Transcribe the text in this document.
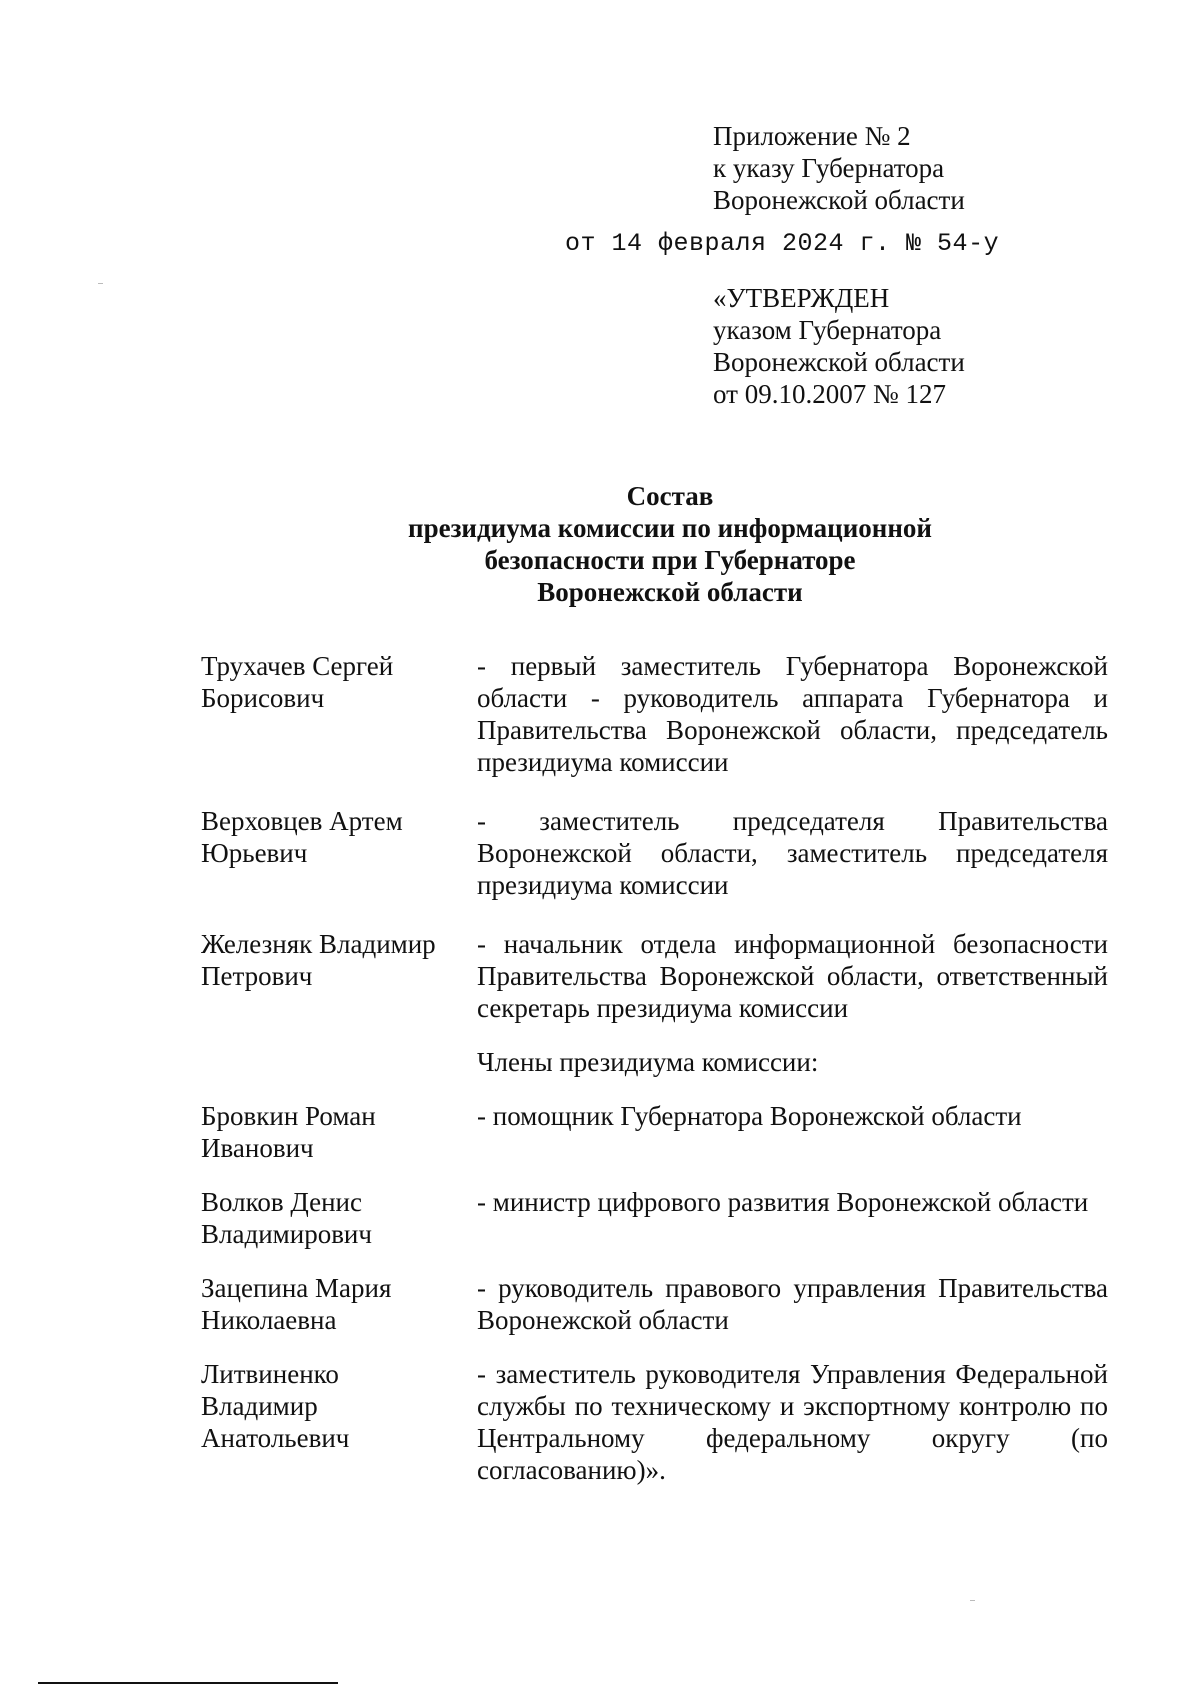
Приложение № 2
к указу Губернатора
Воронежской области
от 14 февраля 2024 г. № 54-у
«УТВЕРЖДЕН
указом Губернатора
Воронежской области
от 09.10.2007 № 127
Состав
президиума комиссии по информационной
безопасности при Губернаторе
Воронежской области
Трухачев Сергей
Борисович
- первый заместитель Губернатора Воронежской области - руководитель аппарата Губернатора и Правительства Воронежской области, председатель президиума комиссии
Верховцев Артем
Юрьевич
- заместитель председателя Правительства Воронежской области, заместитель председателя президиума комиссии
Железняк Владимир
Петрович
- начальник отдела информационной безопасности Правительства Воронежской области, ответственный секретарь президиума комиссии
Члены президиума комиссии:
Бровкин Роман
Иванович
- помощник Губернатора Воронежской области
Волков Денис
Владимирович
- министр цифрового развития Воронежской области
Зацепина Мария
Николаевна
- руководитель правового управления Правительства Воронежской области
Литвиненко
Владимир
Анатольевич
- заместитель руководителя Управления Федеральной службы по техническому и экспортному контролю по Центральному федеральному округу (по согласованию)».
